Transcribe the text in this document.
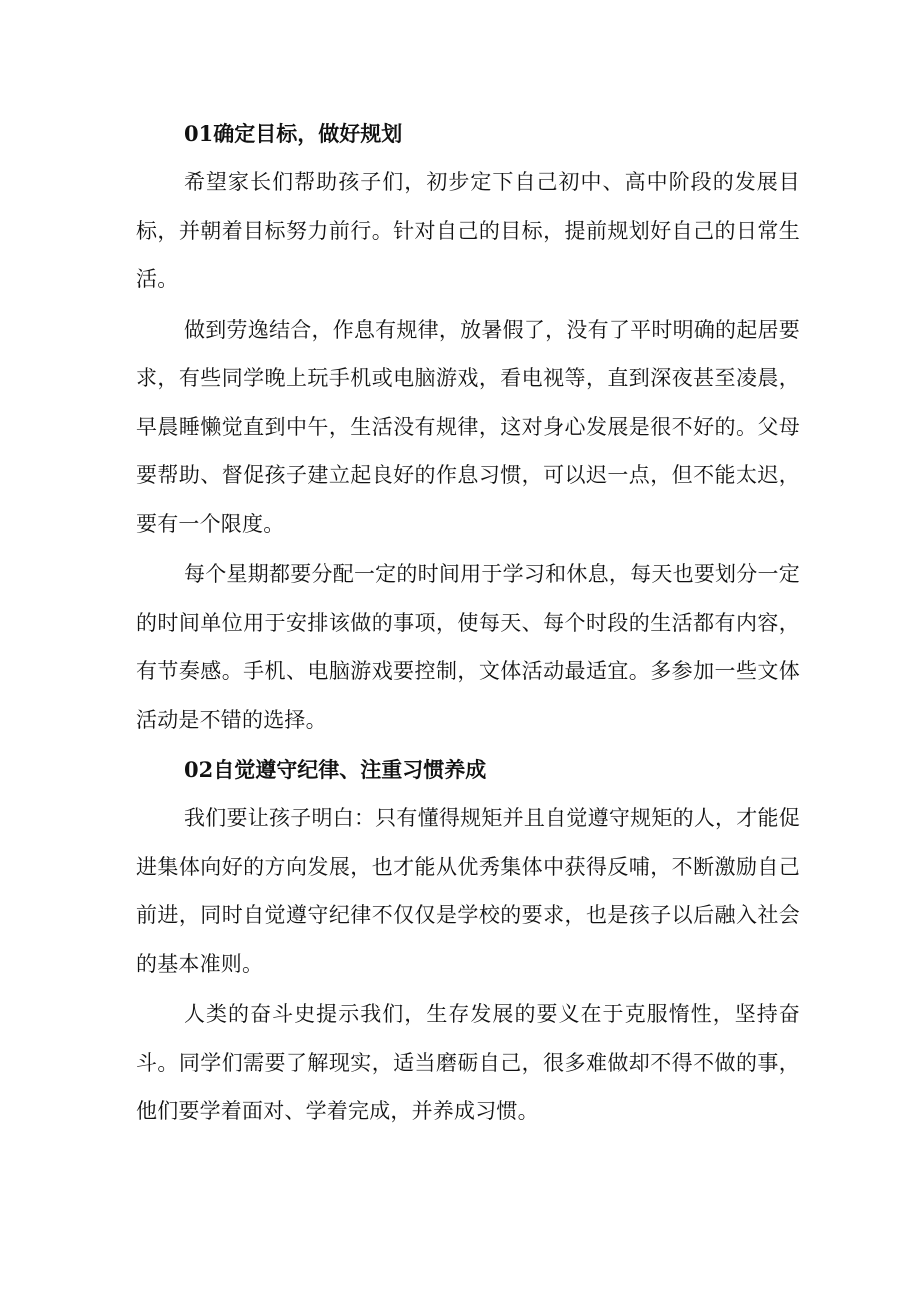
01确定目标，做好规划

希望家长们帮助孩子们，初步定下自己初中、高中阶段的发展目标，并朝着目标努力前行。针对自己的目标，提前规划好自己的日常生活。

做到劳逸结合，作息有规律，放暑假了，没有了平时明确的起居要求，有些同学晚上玩手机或电脑游戏，看电视等，直到深夜甚至凌晨，早晨睡懒觉直到中午，生活没有规律，这对身心发展是很不好的。父母要帮助、督促孩子建立起良好的作息习惯，可以迟一点，但不能太迟，要有一个限度。

每个星期都要分配一定的时间用于学习和休息，每天也要划分一定的时间单位用于安排该做的事项，使每天、每个时段的生活都有内容，有节奏感。手机、电脑游戏要控制，文体活动最适宜。多参加一些文体活动是不错的选择。

02自觉遵守纪律、注重习惯养成

我们要让孩子明白：只有懂得规矩并且自觉遵守规矩的人，才能促进集体向好的方向发展，也才能从优秀集体中获得反哺，不断激励自己前进，同时自觉遵守纪律不仅仅是学校的要求，也是孩子以后融入社会的基本准则。

人类的奋斗史提示我们，生存发展的要义在于克服惰性，坚持奋斗。同学们需要了解现实，适当磨砺自己，很多难做却不得不做的事，他们要学着面对、学着完成，并养成习惯。
